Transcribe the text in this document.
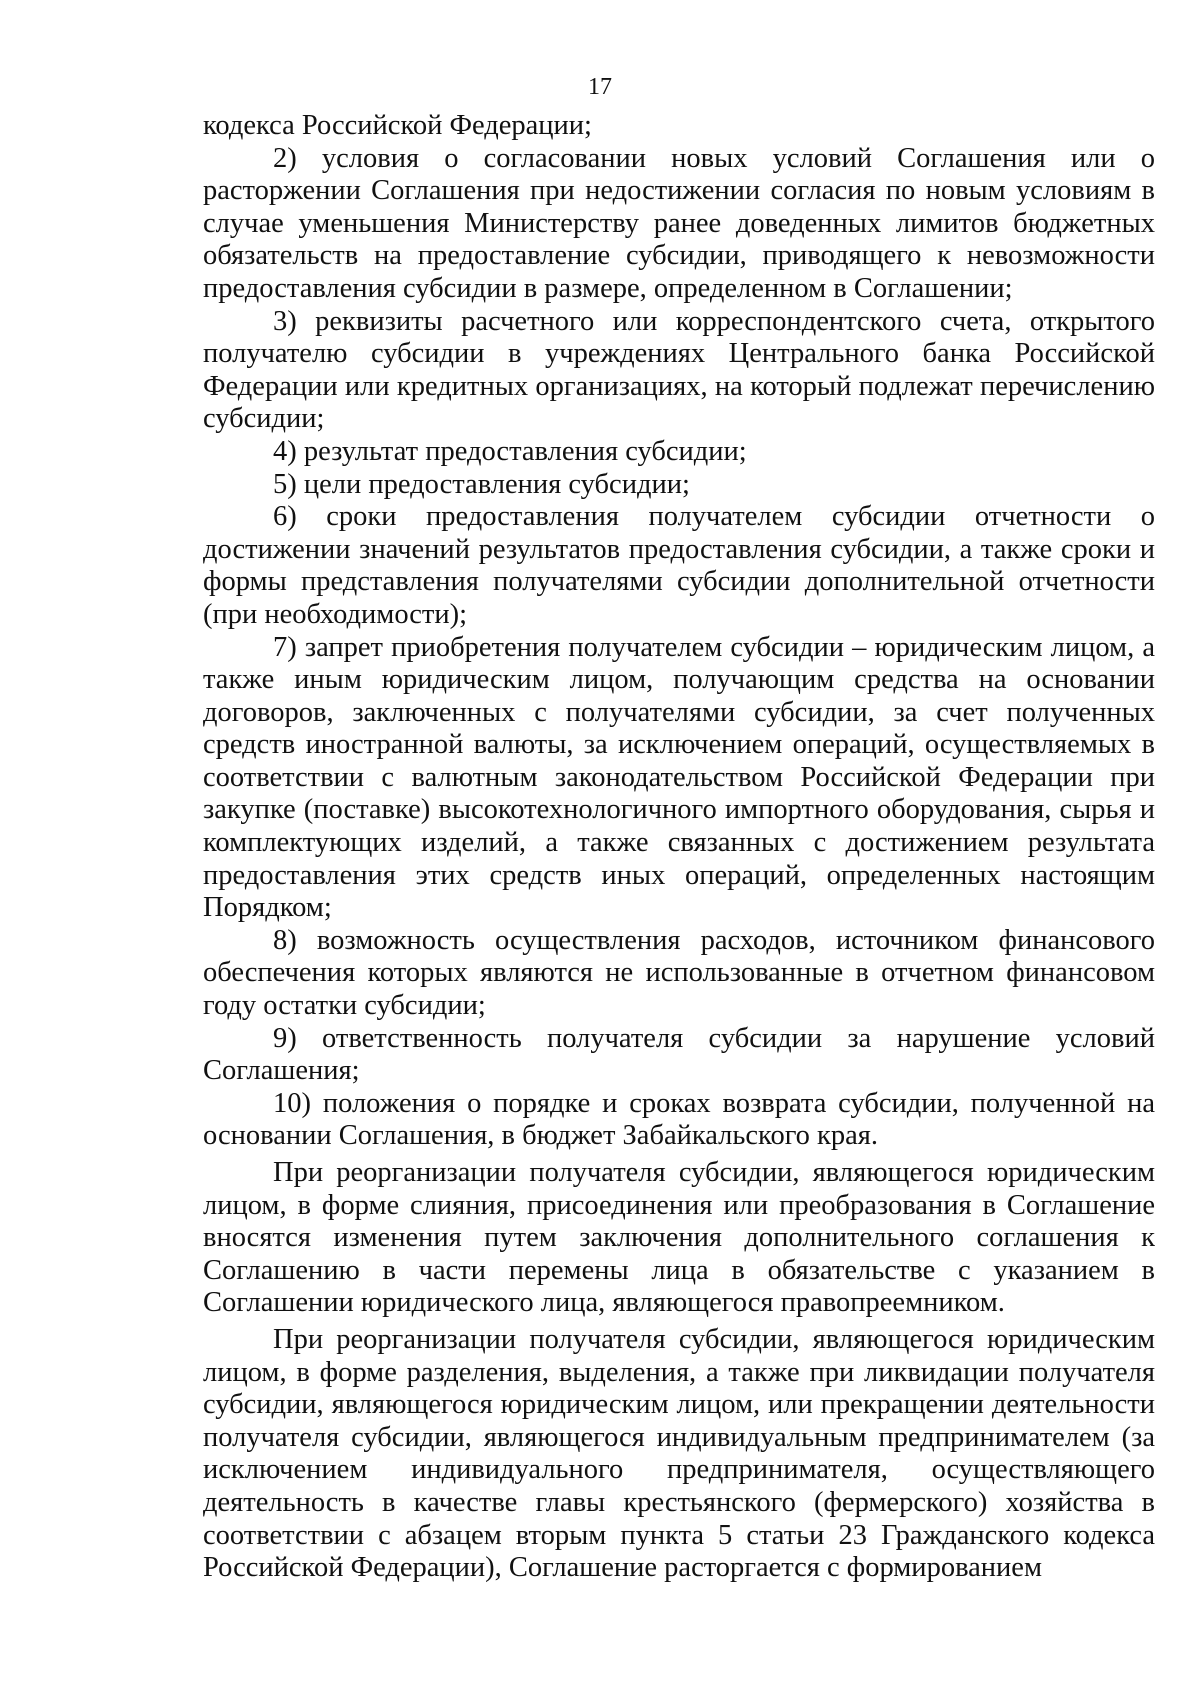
17

кодекса Российской Федерации;

2) условия о согласовании новых условий Соглашения или о расторжении Соглашения при недостижении согласия по новым условиям в случае уменьшения Министерству ранее доведенных лимитов бюджетных обязательств на предоставление субсидии, приводящего к невозможности предоставления субсидии в размере, определенном в Соглашении;

3) реквизиты расчетного или корреспондентского счета, открытого получателю субсидии в учреждениях Центрального банка Российской Федерации или кредитных организациях, на который подлежат перечислению субсидии;

4) результат предоставления субсидии;

5) цели предоставления субсидии;

6) сроки предоставления получателем субсидии отчетности о достижении значений результатов предоставления субсидии, а также сроки и формы представления получателями субсидии дополнительной отчетности (при необходимости);

7) запрет приобретения получателем субсидии – юридическим лицом, а также иным юридическим лицом, получающим средства на основании договоров, заключенных с получателями субсидии, за счет полученных средств иностранной валюты, за исключением операций, осуществляемых в соответствии с валютным законодательством Российской Федерации при закупке (поставке) высокотехнологичного импортного оборудования, сырья и комплектующих изделий, а также связанных с достижением результата предоставления этих средств иных операций, определенных настоящим Порядком;

8) возможность осуществления расходов, источником финансового обеспечения которых являются не использованные в отчетном финансовом году остатки субсидии;

9) ответственность получателя субсидии за нарушение условий Соглашения;

10) положения о порядке и сроках возврата субсидии, полученной на основании Соглашения, в бюджет Забайкальского края.

При реорганизации получателя субсидии, являющегося юридическим лицом, в форме слияния, присоединения или преобразования в Соглашение вносятся изменения путем заключения дополнительного соглашения к Соглашению в части перемены лица в обязательстве с указанием в Соглашении юридического лица, являющегося правопреемником.

При реорганизации получателя субсидии, являющегося юридическим лицом, в форме разделения, выделения, а также при ликвидации получателя субсидии, являющегося юридическим лицом, или прекращении деятельности получателя субсидии, являющегося индивидуальным предпринимателем (за исключением индивидуального предпринимателя, осуществляющего деятельность в качестве главы крестьянского (фермерского) хозяйства в соответствии с абзацем вторым пункта 5 статьи 23 Гражданского кодекса Российской Федерации), Соглашение расторгается с формированием
